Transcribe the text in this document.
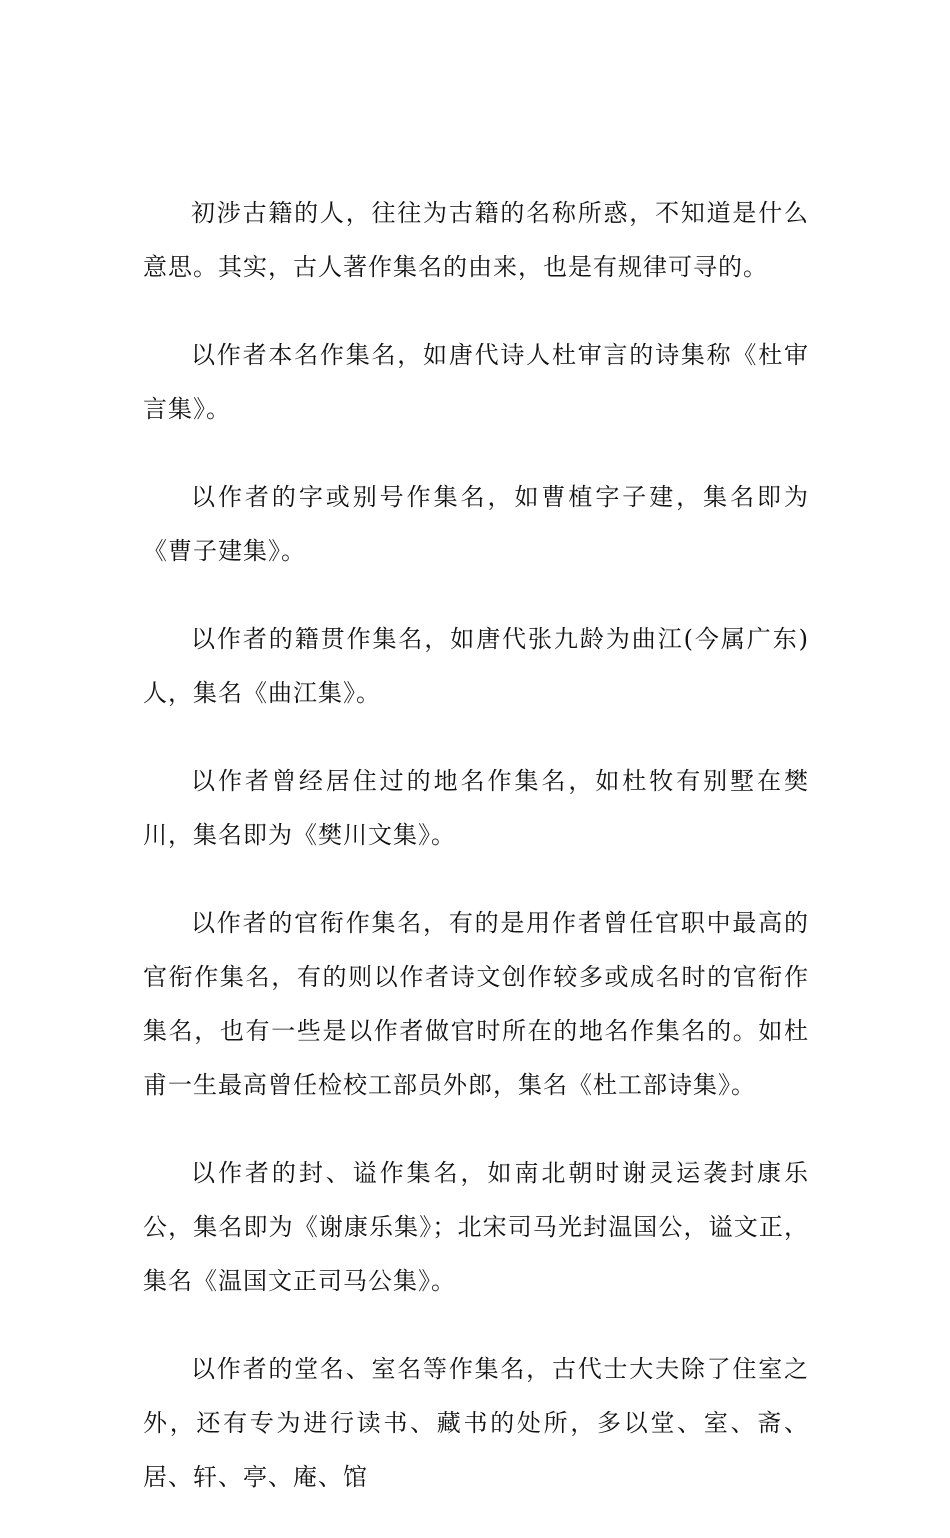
初涉古籍的人，往往为古籍的名称所惑，不知道是什么意思。其实，古人著作集名的由来，也是有规律可寻的。

以作者本名作集名，如唐代诗人杜审言的诗集称《杜审言集》。

以作者的字或别号作集名，如曹植字子建，集名即为《曹子建集》。

以作者的籍贯作集名，如唐代张九龄为曲江(今属广东)人，集名《曲江集》。

以作者曾经居住过的地名作集名，如杜牧有别墅在樊川，集名即为《樊川文集》。

以作者的官衔作集名，有的是用作者曾任官职中最高的官衔作集名，有的则以作者诗文创作较多或成名时的官衔作集名，也有一些是以作者做官时所在的地名作集名的。如杜甫一生最高曾任检校工部员外郎，集名《杜工部诗集》。

以作者的封、谥作集名，如南北朝时谢灵运袭封康乐公，集名即为《谢康乐集》；北宋司马光封温国公，谥文正，集名《温国文正司马公集》。

以作者的堂名、室名等作集名，古代士大夫除了住室之外，还有专为进行读书、藏书的处所，多以堂、室、斋、居、轩、亭、庵、馆
